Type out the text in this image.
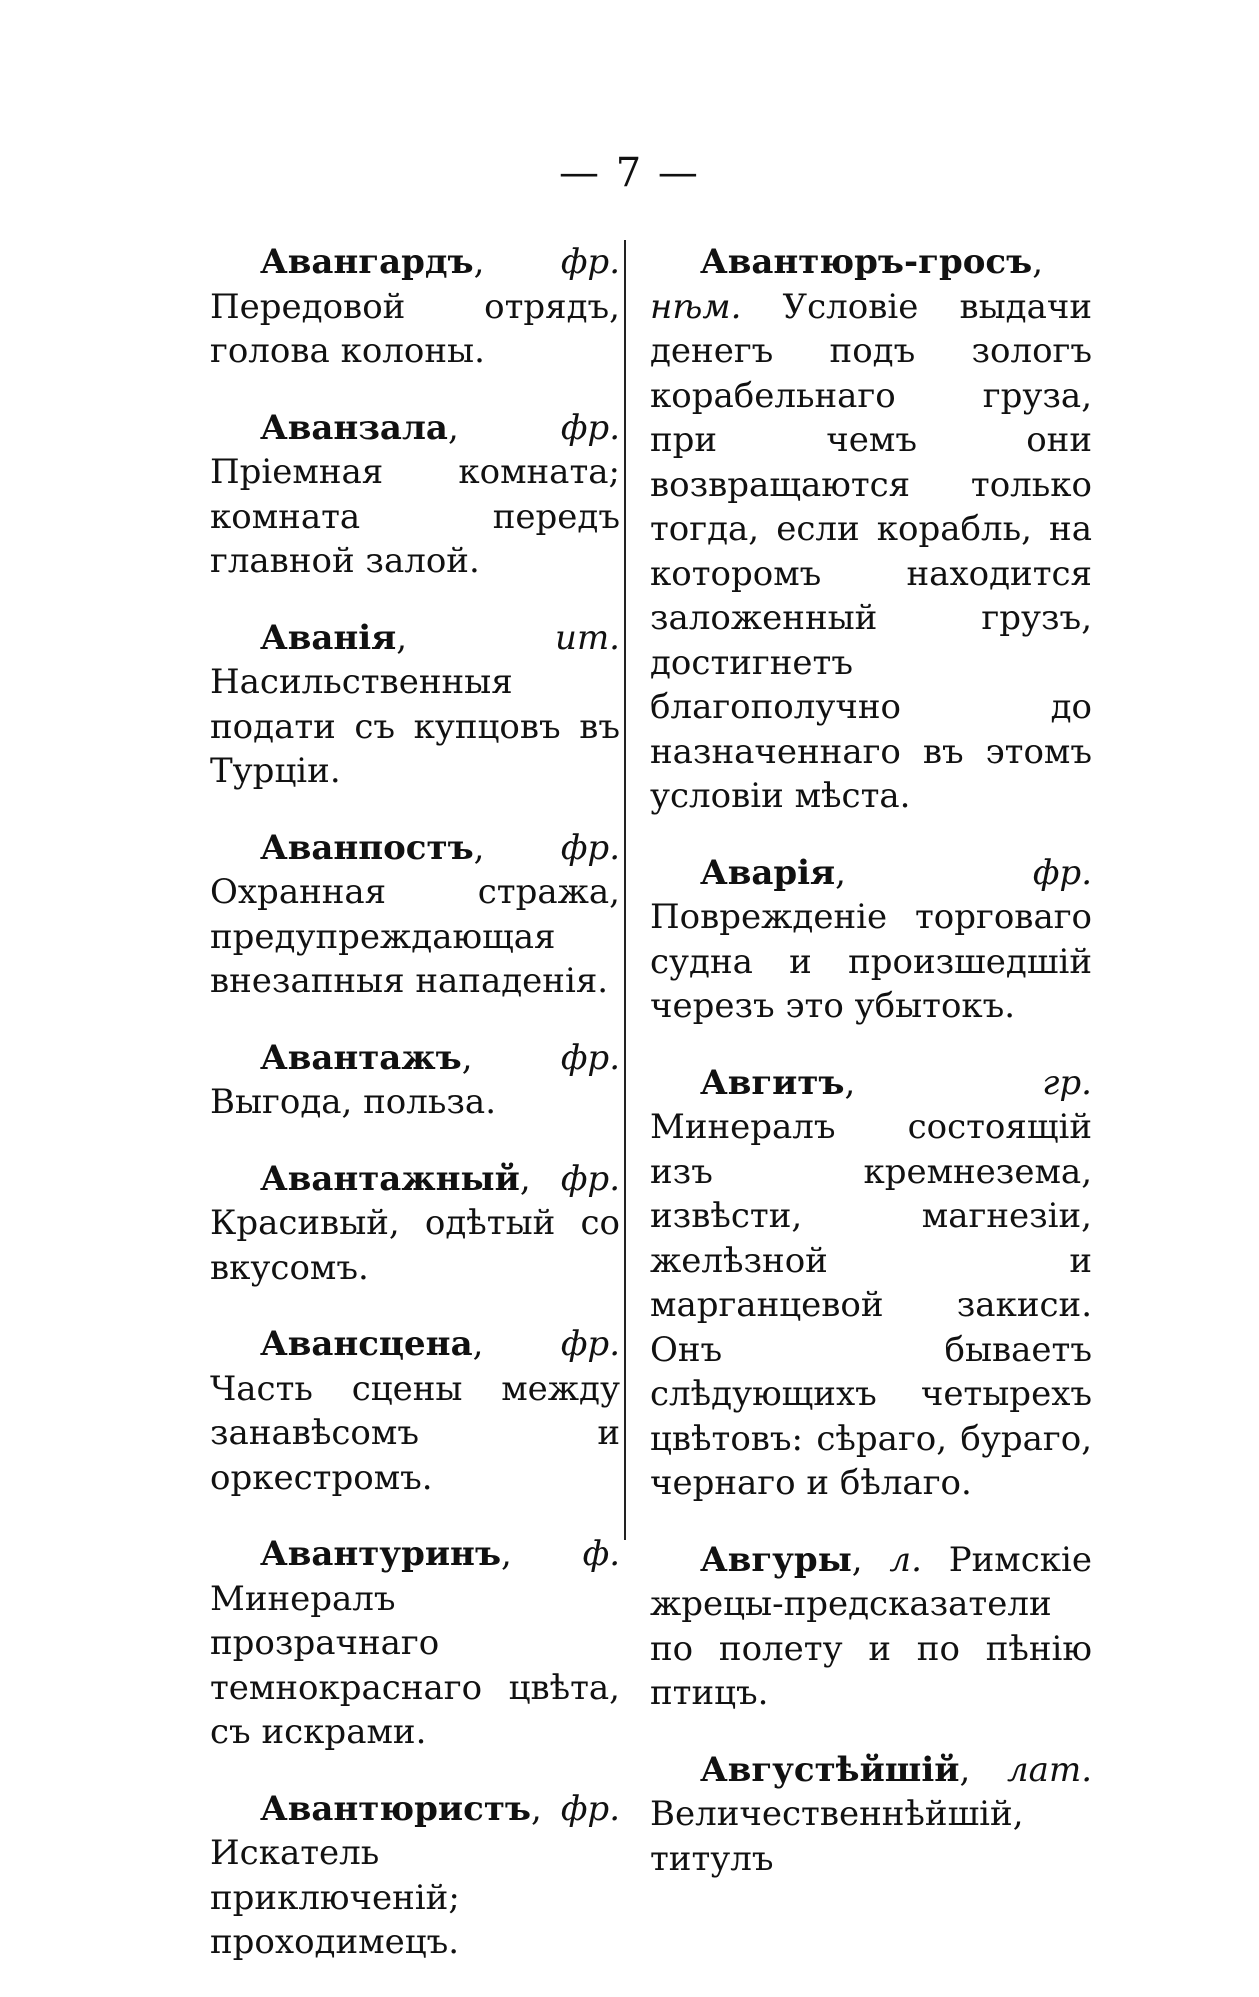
— 7 —

Авангардъ, фр. Передовой отрядъ, голова колоны.

Аванзала, фр. Пріемная комната; комната передъ главной залой.

Аванія, ит. Насильственныя подати съ купцовъ въ Турціи.

Аванпостъ, фр. Охранная стража, предупреждающая внезапныя нападенія.

Авантажъ, фр. Выгода, польза.

Авантажный, фр. Красивый, одѣтый со вкусомъ.

Авансцена, фр. Часть сцены между занавѣсомъ и оркестромъ.

Авантуринъ, ф. Минералъ прозрачнаго темнокраснаго цвѣта, съ искрами.

Авантюристъ, фр. Искатель приключеній; проходимецъ.

Авантюръ-гросъ, нѣм. Условіе выдачи денегъ подъ зологъ корабельнаго груза, при чемъ они возвращаются только тогда, если корабль, на которомъ находится заложенный грузъ, достигнетъ благополучно до назначеннаго въ этомъ условіи мѣста.

Аварія, фр. Поврежденіе торговаго судна и произшедшій черезъ это убытокъ.

Авгитъ, гр. Минералъ состоящій изъ кремнезема, извѣсти, магнезіи, желѣзной и марганцевой закиси. Онъ бываетъ слѣдующихъ четырехъ цвѣтовъ: сѣраго, бураго, чернаго и бѣлаго.

Авгуры, л. Римскіе жрецы-предсказатели по полету и по пѣнію птицъ.

Августѣйшій, лат. Величественнѣйшій, титулъ
